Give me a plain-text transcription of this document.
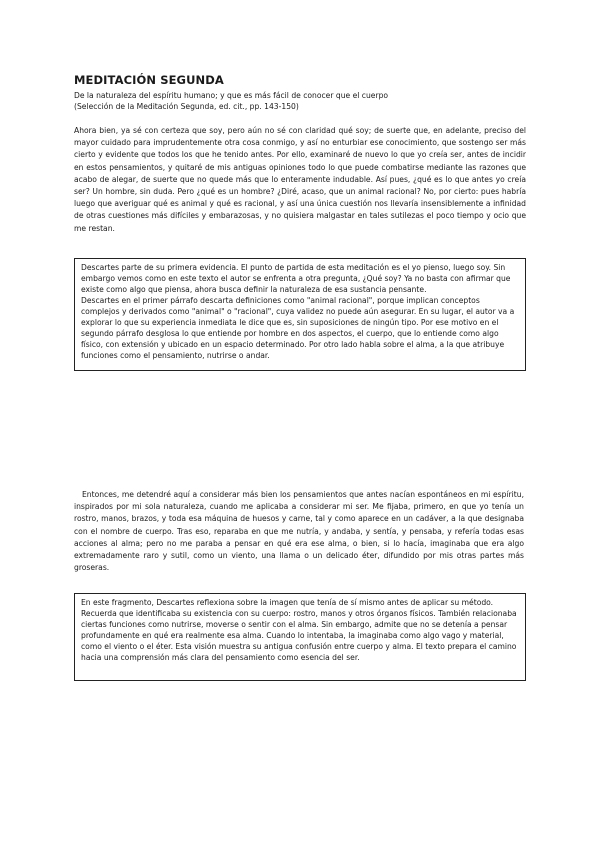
MEDITACIÓN SEGUNDA
De la naturaleza del espíritu humano; y que es más fácil de conocer que el cuerpo
(Selección de la Meditación Segunda, ed. cit., pp. 143-150)
Ahora bien, ya sé con certeza que soy, pero aún no sé con claridad qué soy; de suerte que, en adelante, preciso del mayor cuidado para imprudentemente otra cosa conmigo, y así no enturbiar ese conocimiento, que sostengo ser más cierto y evidente que todos los que he tenido antes. Por ello, examinaré de nuevo lo que yo creía ser, antes de incidir en estos pensamientos, y quitaré de mis antiguas opiniones todo lo que puede combatirse mediante las razones que acabo de alegar, de suerte que no quede más que lo enteramente indudable. Así pues, ¿qué es lo que antes yo creía ser? Un hombre, sin duda. Pero ¿qué es un hombre? ¿Diré, acaso, que un animal racional? No, por cierto: pues habría luego que averiguar qué es animal y qué es racional, y así una única cuestión nos llevaría insensiblemente a infinidad de otras cuestiones más difíciles y embarazosas, y no quisiera malgastar en tales sutilezas el poco tiempo y ocio que me restan.

Descartes parte de su primera evidencia. El punto de partida de esta meditación es el yo pienso, luego soy. Sin embargo vemos como en este texto el autor se enfrenta a otra pregunta, ¿Qué soy? Ya no basta con afirmar que existe como algo que piensa, ahora busca definir la naturaleza de esa sustancia pensante.

Descartes en el primer párrafo descarta definiciones como "animal racional", porque implican conceptos complejos y derivados como "animal" o "racional", cuya validez no puede aún asegurar. En su lugar, el autor va a explorar lo que su experiencia inmediata le dice que es, sin suposiciones de ningún tipo. Por ese motivo en el segundo párrafo desglosa lo que entiende por hombre en dos aspectos, el cuerpo, que lo entiende como algo físico, con extensión y ubicado en un espacio determinado. Por otro lado habla sobre el alma, a la que atribuye funciones como el pensamiento, nutrirse o andar.

Entonces, me detendré aquí a considerar más bien los pensamientos que antes nacían espontáneos en mi espíritu, inspirados por mi sola naturaleza, cuando me aplicaba a considerar mi ser. Me fijaba, primero, en que yo tenía un rostro, manos, brazos, y toda esa máquina de huesos y carne, tal y como aparece en un cadáver, a la que designaba con el nombre de cuerpo. Tras eso, reparaba en que me nutría, y andaba, y sentía, y pensaba, y refería todas esas acciones al alma; pero no me paraba a pensar en qué era ese alma, o bien, si lo hacía, imaginaba que era algo extremadamente raro y sutil, como un viento, una llama o un delicado éter, difundido por mis otras partes más groseras.

En este fragmento, Descartes reflexiona sobre la imagen que tenía de sí mismo antes de aplicar su método. Recuerda que identificaba su existencia con su cuerpo: rostro, manos y otros órganos físicos. También relacionaba ciertas funciones como nutrirse, moverse o sentir con el alma. Sin embargo, admite que no se detenía a pensar profundamente en qué era realmente esa alma. Cuando lo intentaba, la imaginaba como algo vago y material, como el viento o el éter. Esta visión muestra su antigua confusión entre cuerpo y alma. El texto prepara el camino hacia una comprensión más clara del pensamiento como esencia del ser.
